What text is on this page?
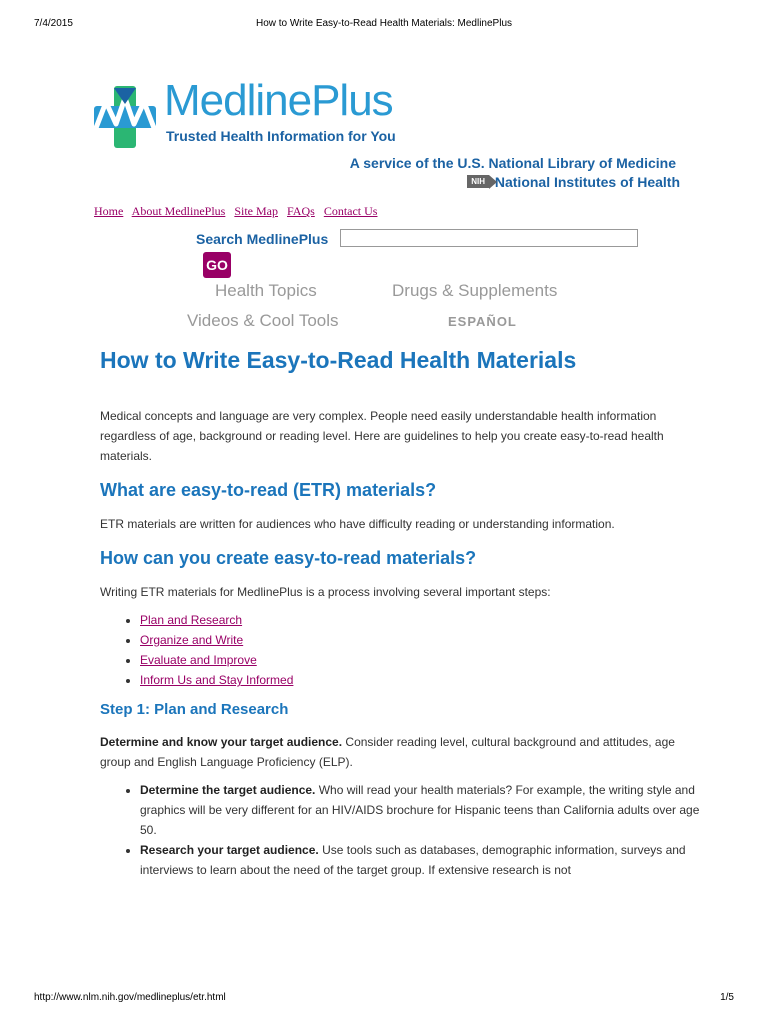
7/4/2015	How to Write Easy-to-Read Health Materials: MedlinePlus
MedlinePlus
Trusted Health Information for You
A service of the U.S. National Library of Medicine
NIH National Institutes of Health
Home About MedlinePlus Site Map FAQs Contact Us
Search MedlinePlus
GO
Health Topics	Drugs & Supplements
Videos & Cool Tools	ESPAÑOL
How to Write Easy-to-Read Health Materials

Medical concepts and language are very complex. People need easily understandable health information regardless of age, background or reading level. Here are guidelines to help you create easy-to-read health materials.

What are easy-to-read (ETR) materials?

ETR materials are written for audiences who have difficulty reading or understanding information.

How can you create easy-to-read materials?

Writing ETR materials for MedlinePlus is a process involving several important steps:

• Plan and Research
• Organize and Write
• Evaluate and Improve
• Inform Us and Stay Informed
Step 1: Plan and Research

Determine and know your target audience. Consider reading level, cultural background and attitudes, age group and English Language Proficiency (ELP).

• Determine the target audience. Who will read your health materials? For example, the writing style and graphics will be very different for an HIV/AIDS brochure for Hispanic teens than California adults over age 50.
• Research your target audience. Use tools such as databases, demographic information, surveys and interviews to learn about the need of the target group. If extensive research is not
http://www.nlm.nih.gov/medlineplus/etr.html	1/5
